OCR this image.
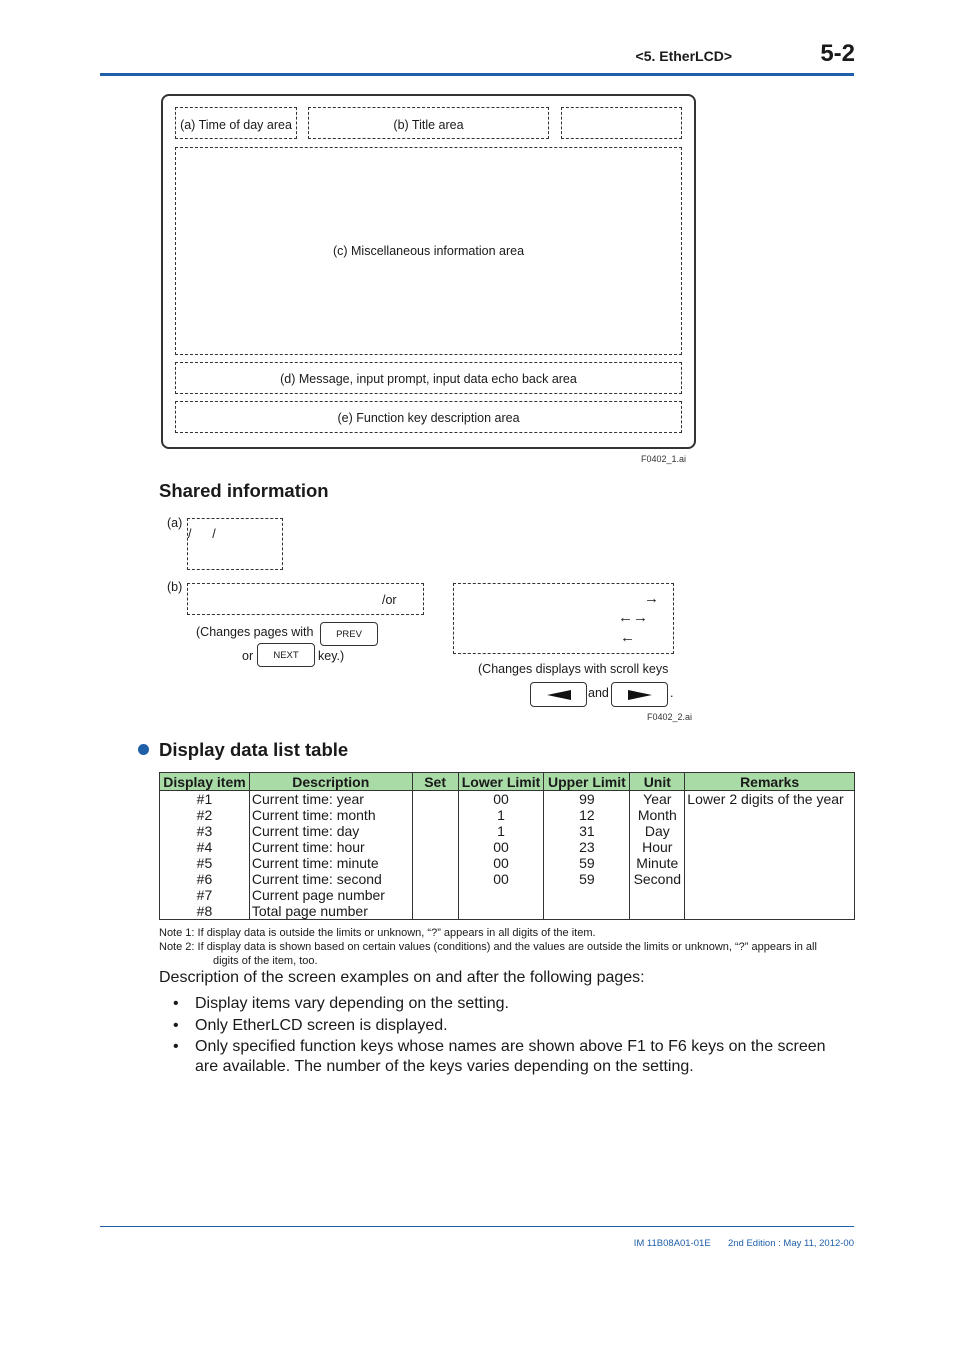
<5. EtherLCD>	5-2
(a) Time of day area	(b) Title area
(c) Miscellaneous information area
(d) Message, input prompt, input data echo back area
(e) Function key description area
F0402_1.ai
Shared information
(a)
/      /
(b)
/or
(Changes pages with PREV
or NEXT key.)
→
←→
←
(Changes displays with scroll keys
and	.
F0402_2.ai
Display data list table
Display item	Description	Set	Lower Limit	Upper Limit	Unit	Remarks
#1	Current time: year		00	99	Year	Lower 2 digits of the year
#2	Current time: month		1	12	Month	
#3	Current time: day		1	31	Day	
#4	Current time: hour		00	23	Hour	
#5	Current time: minute		00	59	Minute	
#6	Current time: second		00	59	Second	
#7	Current page number					
#8	Total page number					
Note 1: If display data is outside the limits or unknown, “?” appears in all digits of the item.
Note 2: If display data is shown based on certain values (conditions) and the values are outside the limits or unknown, “?” appears in all
digits of the item, too.
Description of the screen examples on and after the following pages:
• Display items vary depending on the setting.
• Only EtherLCD screen is displayed.
• Only specified function keys whose names are shown above F1 to F6 keys on the screen
are available. The number of the keys varies depending on the setting.
IM 11B08A01-01E 2nd Edition : May 11, 2012-00
